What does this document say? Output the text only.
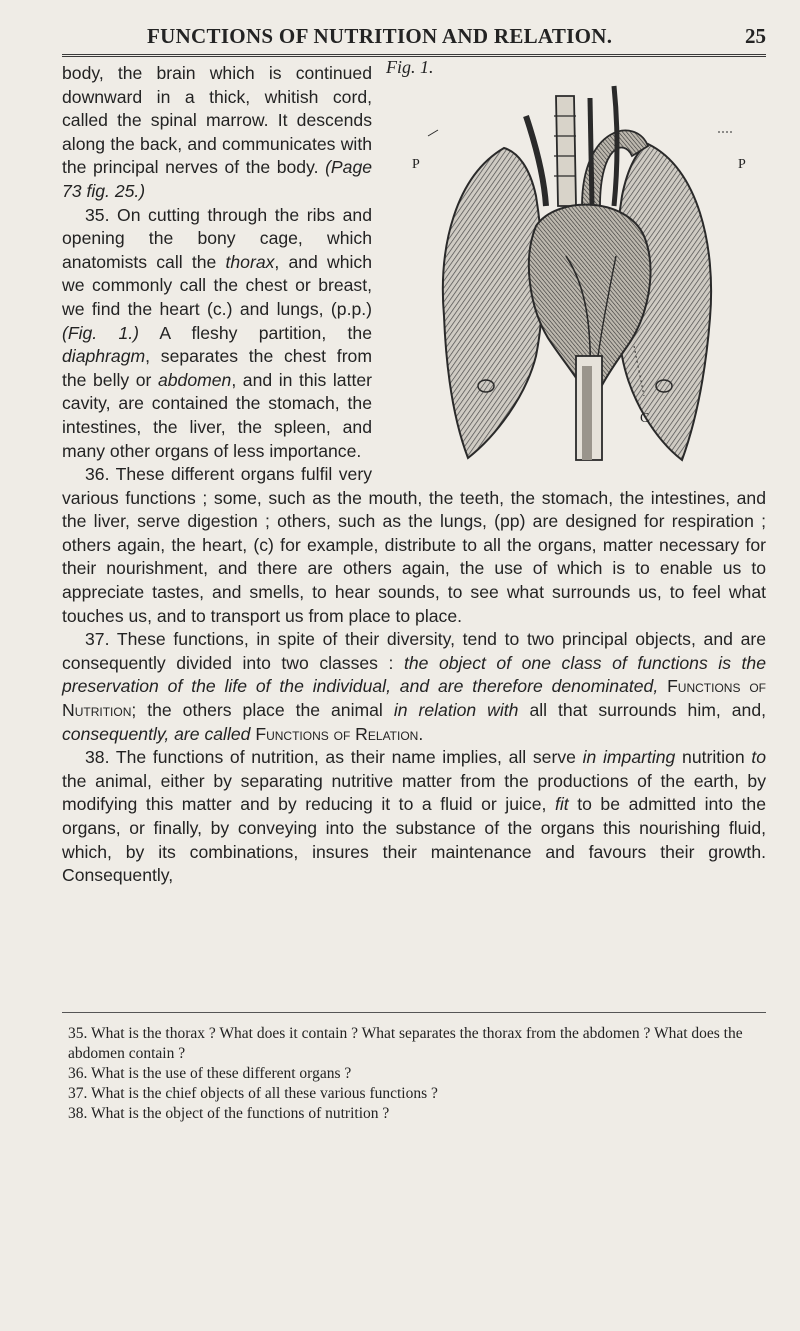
FUNCTIONS OF NUTRITION AND RELATION.	25
P	P
C
Fig. 1.

body, the brain which is continued downward in a thick, whitish cord, called the spinal marrow. It descends along the back, and communicates with the principal nerves of the body. (Page 73 fig. 25.)

35. On cutting through the ribs and opening the bony cage, which anatomists call the thorax, and which we commonly call the chest or breast, we find the heart (c.) and lungs, (p.p.) (Fig. 1.) A fleshy partition, the diaphragm, separates the chest from the belly or abdomen, and in this latter cavity, are contained the stomach, the intestines, the liver, the spleen, and many other organs of less importance.

36. These different organs fulfil very various functions ; some, such as the mouth, the teeth, the stomach, the intestines, and the liver, serve digestion ; others, such as the lungs, (pp) are designed for respiration ; others again, the heart, (c) for example, distribute to all the organs, matter necessary for their nourishment, and there are others again, the use of which is to enable us to appreciate tastes, and smells, to hear sounds, to see what surrounds us, to feel what touches us, and to transport us from place to place.

37. These functions, in spite of their diversity, tend to two principal objects, and are consequently divided into two classes : the object of one class of functions is the preservation of the life of the individual, and are therefore denominated, Functions of Nutrition; the others place the animal in relation with all that surrounds him, and, consequently, are called Functions of Relation.

38. The functions of nutrition, as their name implies, all serve in imparting nutrition to the animal, either by separating nutritive matter from the productions of the earth, by modifying this matter and by reducing it to a fluid or juice, fit to be admitted into the organs, or finally, by conveying into the substance of the organs this nourishing fluid, which, by its combinations, insures their maintenance and favours their growth. Consequently,

35. What is the thorax ? What does it contain ? What separates the thorax from the abdomen ? What does the abdomen contain ?

36. What is the use of these different organs ?

37. What is the chief objects of all these various functions ?

38. What is the object of the functions of nutrition ?
